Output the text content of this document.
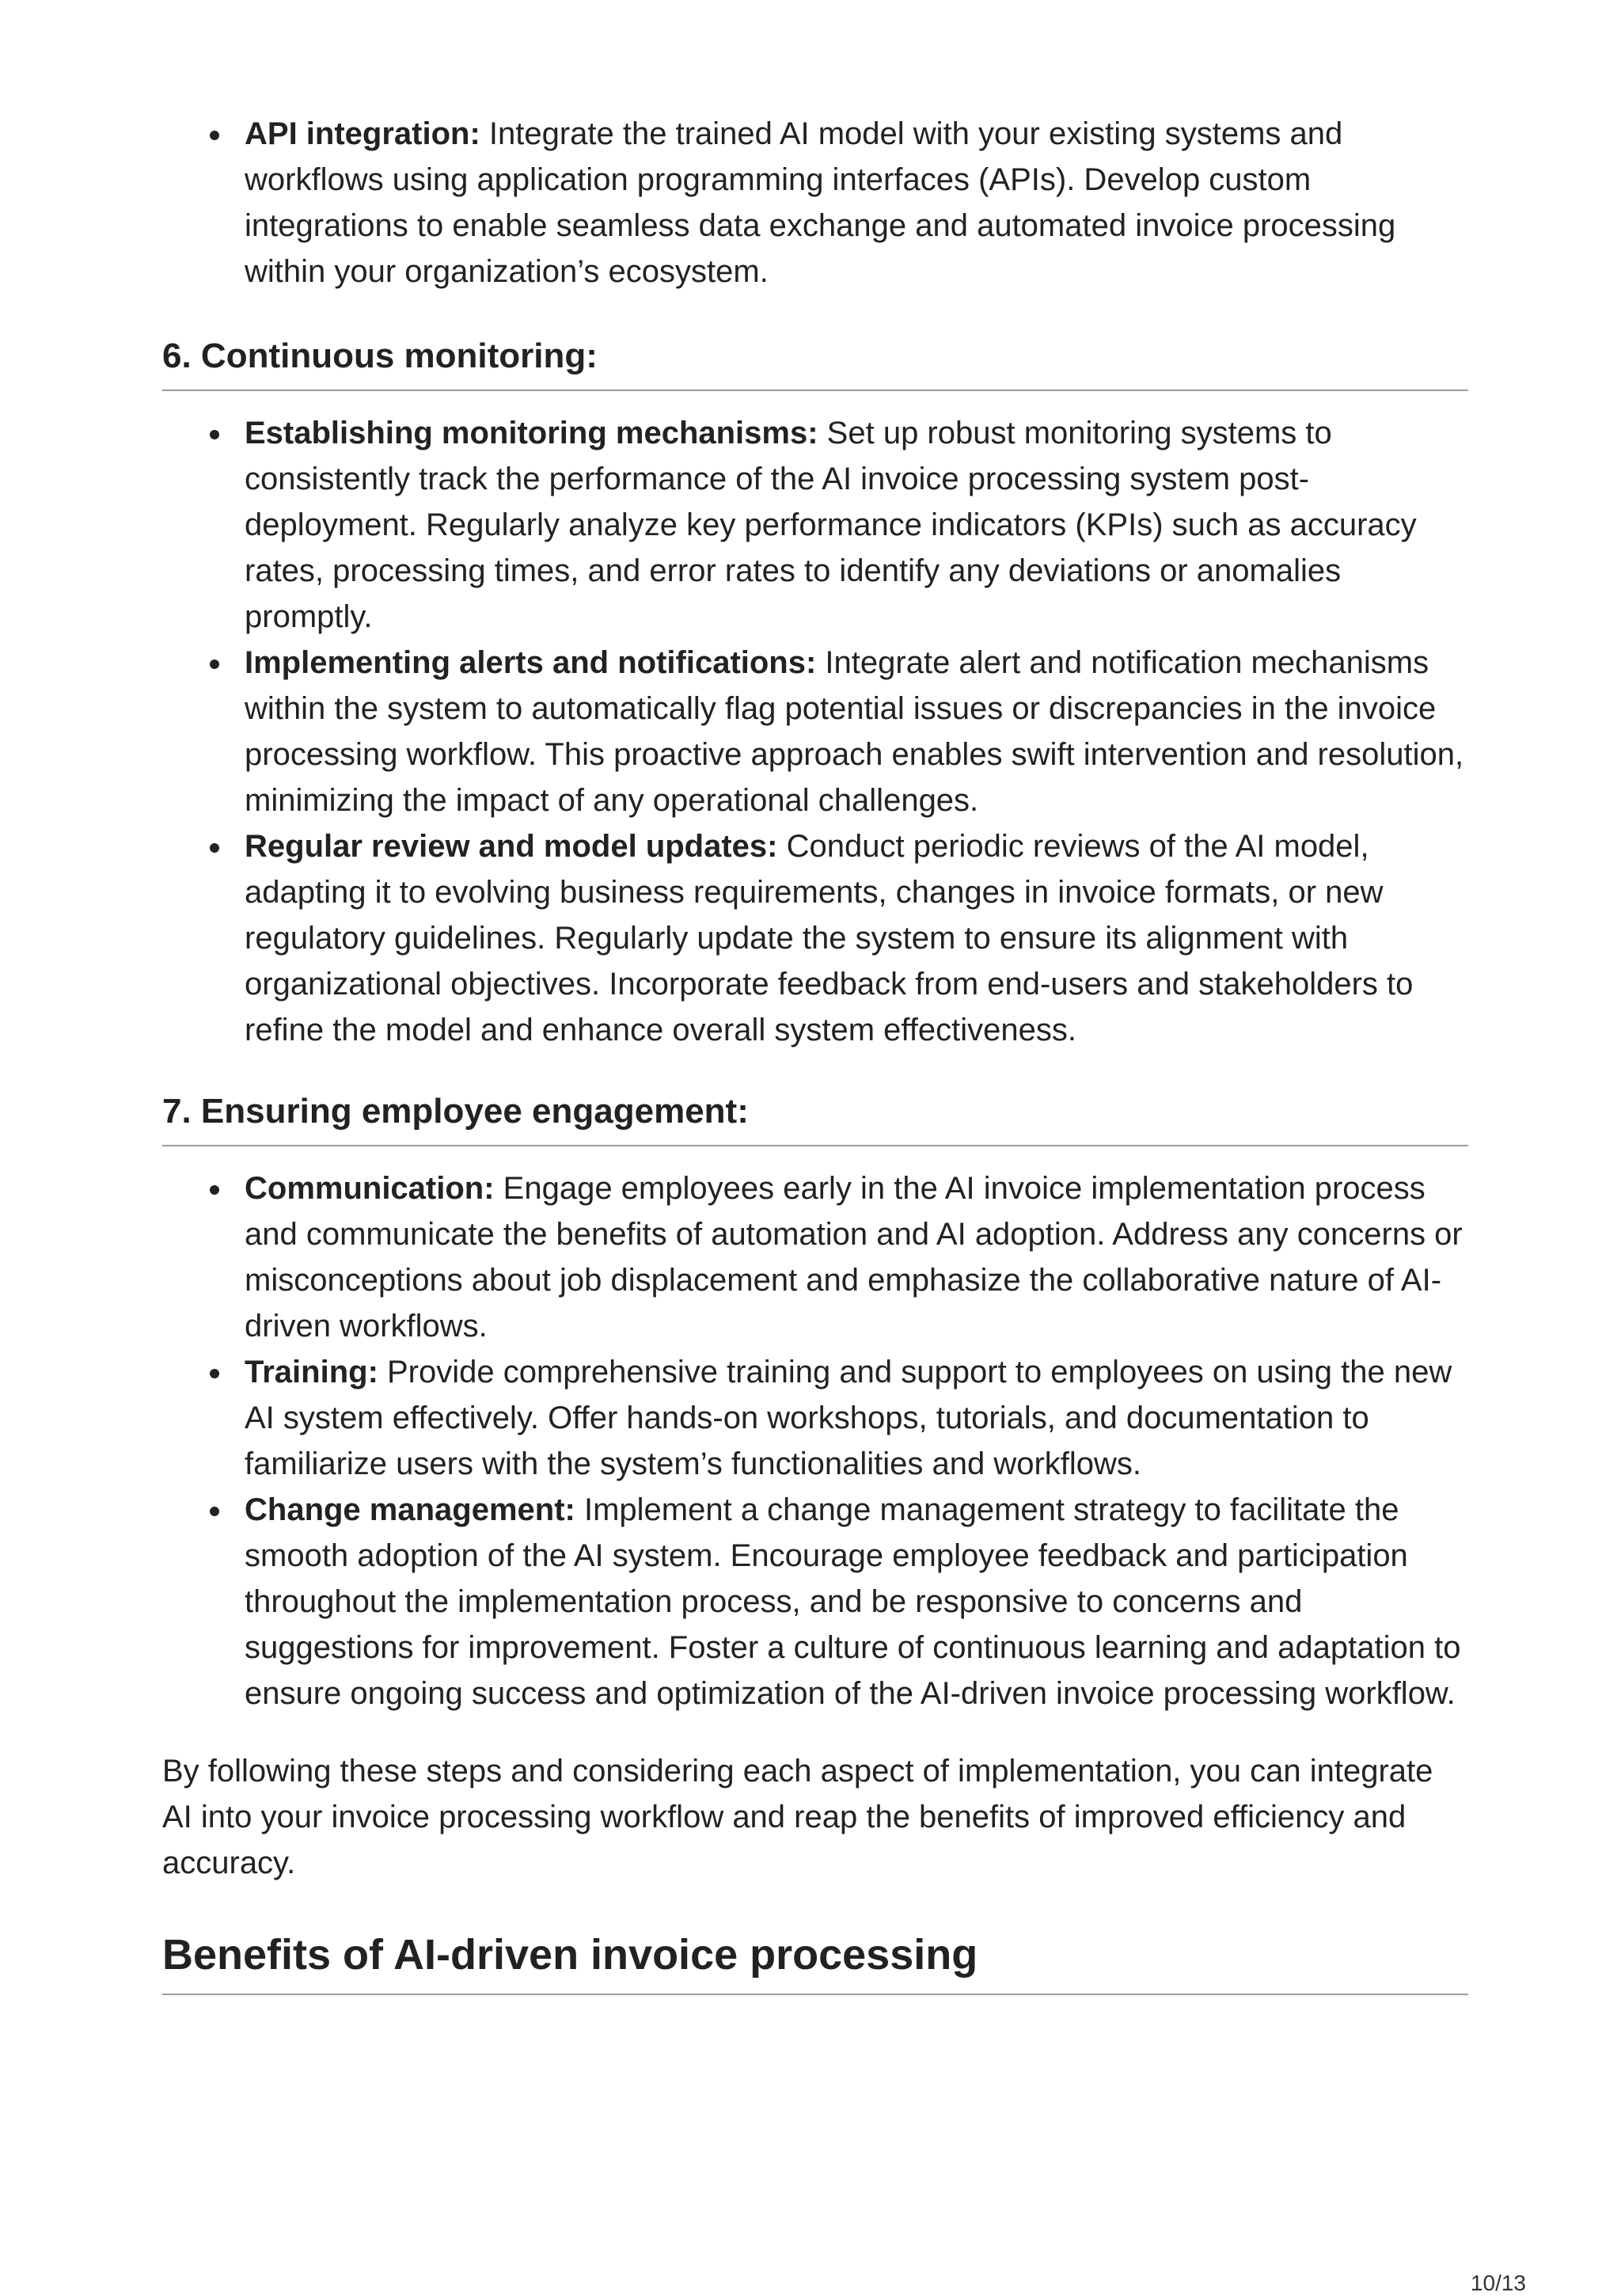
API integration: Integrate the trained AI model with your existing systems and workflows using application programming interfaces (APIs). Develop custom integrations to enable seamless data exchange and automated invoice processing within your organization’s ecosystem.
6. Continuous monitoring:
Establishing monitoring mechanisms: Set up robust monitoring systems to consistently track the performance of the AI invoice processing system post-deployment. Regularly analyze key performance indicators (KPIs) such as accuracy rates, processing times, and error rates to identify any deviations or anomalies promptly.
Implementing alerts and notifications: Integrate alert and notification mechanisms within the system to automatically flag potential issues or discrepancies in the invoice processing workflow. This proactive approach enables swift intervention and resolution, minimizing the impact of any operational challenges.
Regular review and model updates: Conduct periodic reviews of the AI model, adapting it to evolving business requirements, changes in invoice formats, or new regulatory guidelines. Regularly update the system to ensure its alignment with organizational objectives. Incorporate feedback from end-users and stakeholders to refine the model and enhance overall system effectiveness.
7. Ensuring employee engagement:
Communication: Engage employees early in the AI invoice implementation process and communicate the benefits of automation and AI adoption. Address any concerns or misconceptions about job displacement and emphasize the collaborative nature of AI-driven workflows.
Training: Provide comprehensive training and support to employees on using the new AI system effectively. Offer hands-on workshops, tutorials, and documentation to familiarize users with the system’s functionalities and workflows.
Change management: Implement a change management strategy to facilitate the smooth adoption of the AI system. Encourage employee feedback and participation throughout the implementation process, and be responsive to concerns and suggestions for improvement. Foster a culture of continuous learning and adaptation to ensure ongoing success and optimization of the AI-driven invoice processing workflow.

By following these steps and considering each aspect of implementation, you can integrate AI into your invoice processing workflow and reap the benefits of improved efficiency and accuracy.

Benefits of AI-driven invoice processing
10/13
